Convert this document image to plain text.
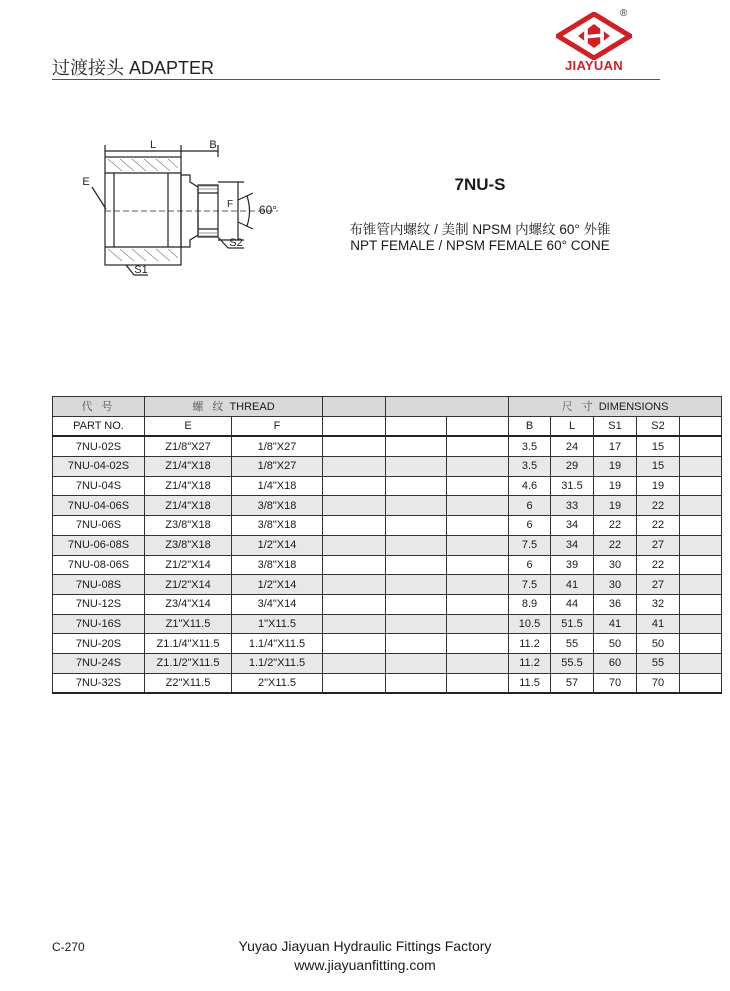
过渡接头 ADAPTER
®
JIAYUAN
L	B
E
F 60°
S2
S1
7NU-S
布锥管内螺纹 / 美制 NPSM 内螺纹 60° 外锥
NPT FEMALE / NPSM FEMALE 60° CONE
代 号	螺 纹 THREAD					尺 寸 DIMENSIONS				
PART NO.	E	F				B	L	S1	S2	
7NU-02S	Z1/8"X27	1/8"X27				3.5	24	17	15	
7NU-04-02S	Z1/4"X18	1/8"X27				3.5	29	19	15	
7NU-04S	Z1/4"X18	1/4"X18				4.6	31.5	19	19	
7NU-04-06S	Z1/4"X18	3/8"X18				6	33	19	22	
7NU-06S	Z3/8"X18	3/8"X18				6	34	22	22	
7NU-06-08S	Z3/8"X18	1/2"X14				7.5	34	22	27	
7NU-08-06S	Z1/2"X14	3/8"X18				6	39	30	22	
7NU-08S	Z1/2"X14	1/2"X14				7.5	41	30	27	
7NU-12S	Z3/4"X14	3/4"X14				8.9	44	36	32	
7NU-16S	Z1"X11.5	1"X11.5				10.5	51.5	41	41	
7NU-20S	Z1.1/4"X11.5	1.1/4"X11.5				11.2	55	50	50	
7NU-24S	Z1.1/2"X11.5	1.1/2"X11.5				11.2	55.5	60	55	
7NU-32S	Z2"X11.5	2"X11.5				11.5	57	70	70	
C-270	Yuyao Jiayuan Hydraulic Fittings Factory
www.jiayuanfitting.com
